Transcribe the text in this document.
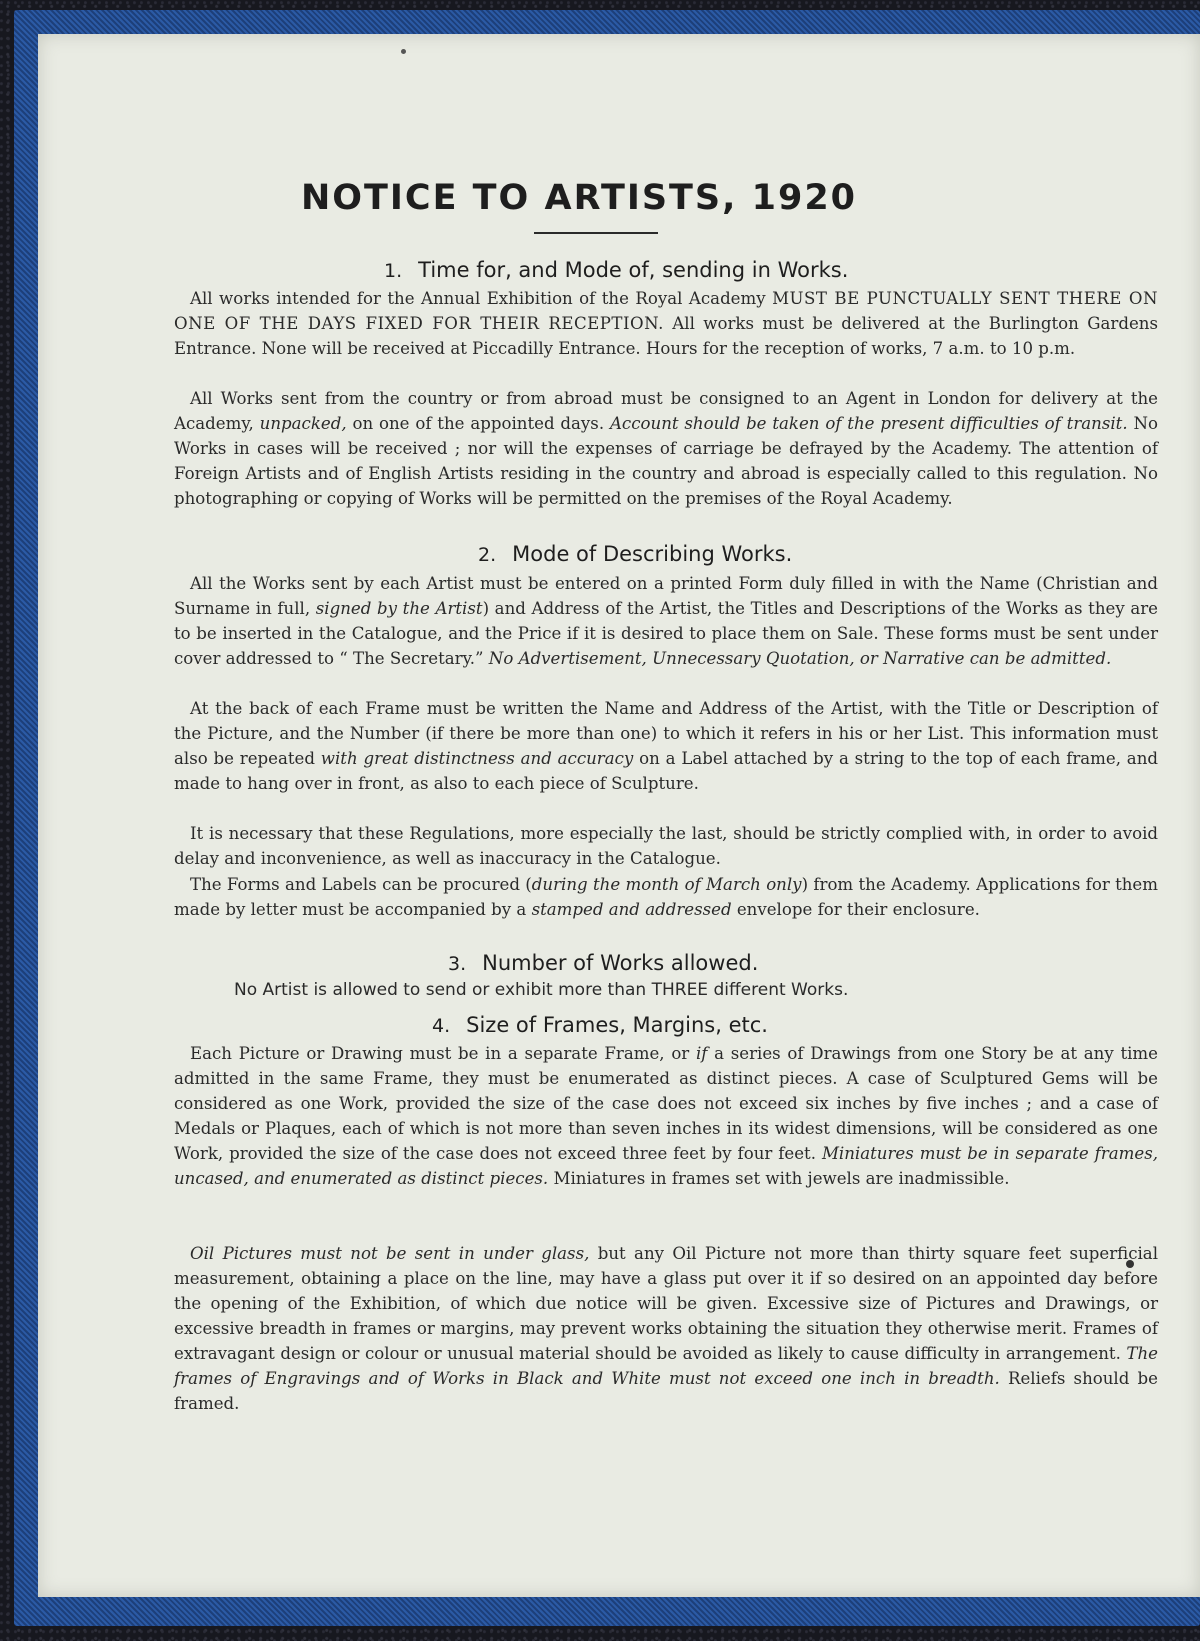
NOTICE TO ARTISTS, 1920
1. Time for, and Mode of, sending in Works.

All works intended for the Annual Exhibition of the Royal Academy MUST BE PUNCTUALLY SENT THERE ON ONE OF THE DAYS FIXED FOR THEIR RECEPTION. All works must be delivered at the Burlington Gardens Entrance. None will be received at Piccadilly Entrance. Hours for the reception of works, 7 a.m. to 10 p.m.

All Works sent from the country or from abroad must be consigned to an Agent in London for delivery at the Academy, unpacked, on one of the appointed days. Account should be taken of the present difficulties of transit. No Works in cases will be received ; nor will the expenses of carriage be defrayed by the Academy. The attention of Foreign Artists and of English Artists residing in the country and abroad is especially called to this regulation. No photographing or copying of Works will be permitted on the premises of the Royal Academy.

2. Mode of Describing Works.

All the Works sent by each Artist must be entered on a printed Form duly filled in with the Name (Christian and Surname in full, signed by the Artist) and Address of the Artist, the Titles and Descriptions of the Works as they are to be inserted in the Catalogue, and the Price if it is desired to place them on Sale. These forms must be sent under cover addressed to “ The Secretary.” No Advertisement, Unnecessary Quotation, or Narrative can be admitted.

At the back of each Frame must be written the Name and Address of the Artist, with the Title or Description of the Picture, and the Number (if there be more than one) to which it refers in his or her List. This information must also be repeated with great distinctness and accuracy on a Label attached by a string to the top of each frame, and made to hang over in front, as also to each piece of Sculpture.

It is necessary that these Regulations, more especially the last, should be strictly complied with, in order to avoid delay and inconvenience, as well as inaccuracy in the Catalogue.

The Forms and Labels can be procured (during the month of March only) from the Academy. Applications for them made by letter must be accompanied by a stamped and addressed envelope for their enclosure.

3. Number of Works allowed.

No Artist is allowed to send or exhibit more than THREE different Works.

4. Size of Frames, Margins, etc.

Each Picture or Drawing must be in a separate Frame, or if a series of Drawings from one Story be at any time admitted in the same Frame, they must be enumerated as distinct pieces. A case of Sculptured Gems will be considered as one Work, provided the size of the case does not exceed six inches by five inches ; and a case of Medals or Plaques, each of which is not more than seven inches in its widest dimensions, will be considered as one Work, provided the size of the case does not exceed three feet by four feet. Miniatures must be in separate frames, uncased, and enumerated as distinct pieces. Miniatures in frames set with jewels are inadmissible.

Oil Pictures must not be sent in under glass, but any Oil Picture not more than thirty square feet superficial measurement, obtaining a place on the line, may have a glass put over it if so desired on an appointed day before the opening of the Exhibition, of which due notice will be given. Excessive size of Pictures and Drawings, or excessive breadth in frames or margins, may prevent works obtaining the situation they otherwise merit. Frames of extravagant design or colour or unusual material should be avoided as likely to cause difficulty in arrangement. The frames of Engravings and of Works in Black and White must not exceed one inch in breadth. Reliefs should be framed.
